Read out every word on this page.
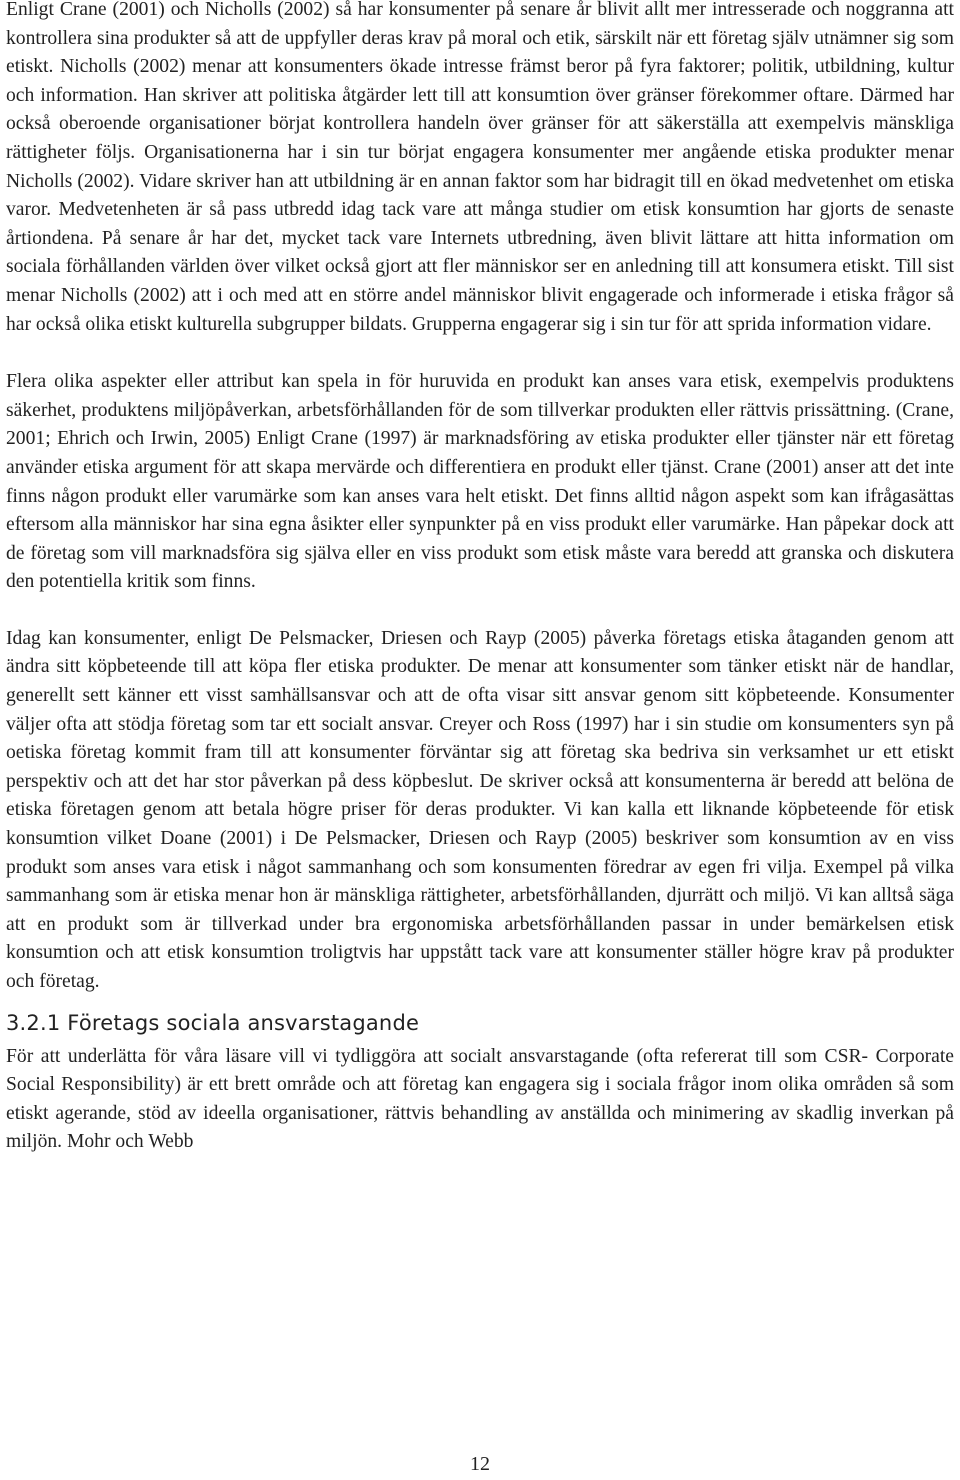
Enligt Crane (2001) och Nicholls (2002) så har konsumenter på senare år blivit allt mer intresserade och noggranna att kontrollera sina produkter så att de uppfyller deras krav på moral och etik, särskilt när ett företag själv utnämner sig som etiskt. Nicholls (2002) menar att konsumenters ökade intresse främst beror på fyra faktorer; politik, utbildning, kultur och information. Han skriver att politiska åtgärder lett till att konsumtion över gränser förekommer oftare. Därmed har också oberoende organisationer börjat kontrollera handeln över gränser för att säkerställa att exempelvis mänskliga rättigheter följs. Organisationerna har i sin tur börjat engagera konsumenter mer angående etiska produkter menar Nicholls (2002). Vidare skriver han att utbildning är en annan faktor som har bidragit till en ökad medvetenhet om etiska varor. Medvetenheten är så pass utbredd idag tack vare att många studier om etisk konsumtion har gjorts de senaste årtiondena. På senare år har det, mycket tack vare Internets utbredning, även blivit lättare att hitta information om sociala förhållanden världen över vilket också gjort att fler människor ser en anledning till att konsumera etiskt. Till sist menar Nicholls (2002) att i och med att en större andel människor blivit engagerade och informerade i etiska frågor så har också olika etiskt kulturella subgrupper bildats. Grupperna engagerar sig i sin tur för att sprida information vidare.

Flera olika aspekter eller attribut kan spela in för huruvida en produkt kan anses vara etisk, exempelvis produktens säkerhet, produktens miljöpåverkan, arbetsförhållanden för de som tillverkar produkten eller rättvis prissättning. (Crane, 2001; Ehrich och Irwin, 2005) Enligt Crane (1997) är marknadsföring av etiska produkter eller tjänster när ett företag använder etiska argument för att skapa mervärde och differentiera en produkt eller tjänst. Crane (2001) anser att det inte finns någon produkt eller varumärke som kan anses vara helt etiskt. Det finns alltid någon aspekt som kan ifrågasättas eftersom alla människor har sina egna åsikter eller synpunkter på en viss produkt eller varumärke. Han påpekar dock att de företag som vill marknadsföra sig själva eller en viss produkt som etisk måste vara beredd att granska och diskutera den potentiella kritik som finns.

Idag kan konsumenter, enligt De Pelsmacker, Driesen och Rayp (2005) påverka företags etiska åtaganden genom att ändra sitt köpbeteende till att köpa fler etiska produkter. De menar att konsumenter som tänker etiskt när de handlar, generellt sett känner ett visst samhällsansvar och att de ofta visar sitt ansvar genom sitt köpbeteende. Konsumenter väljer ofta att stödja företag som tar ett socialt ansvar. Creyer och Ross (1997) har i sin studie om konsumenters syn på oetiska företag kommit fram till att konsumenter förväntar sig att företag ska bedriva sin verksamhet ur ett etiskt perspektiv och att det har stor påverkan på dess köpbeslut. De skriver också att konsumenterna är beredd att belöna de etiska företagen genom att betala högre priser för deras produkter. Vi kan kalla ett liknande köpbeteende för etisk konsumtion vilket Doane (2001) i De Pelsmacker, Driesen och Rayp (2005) beskriver som konsumtion av en viss produkt som anses vara etisk i något sammanhang och som konsumenten föredrar av egen fri vilja. Exempel på vilka sammanhang som är etiska menar hon är mänskliga rättigheter, arbetsförhållanden, djurrätt och miljö. Vi kan alltså säga att en produkt som är tillverkad under bra ergonomiska arbetsförhållanden passar in under bemärkelsen etisk konsumtion och att etisk konsumtion troligtvis har uppstått tack vare att konsumenter ställer högre krav på produkter och företag.

3.2.1 Företags sociala ansvarstagande

För att underlätta för våra läsare vill vi tydliggöra att socialt ansvarstagande (ofta refererat till som CSR- Corporate Social Responsibility) är ett brett område och att företag kan engagera sig i sociala frågor inom olika områden så som etiskt agerande, stöd av ideella organisationer, rättvis behandling av anställda och minimering av skadlig inverkan på miljön. Mohr och Webb

12
